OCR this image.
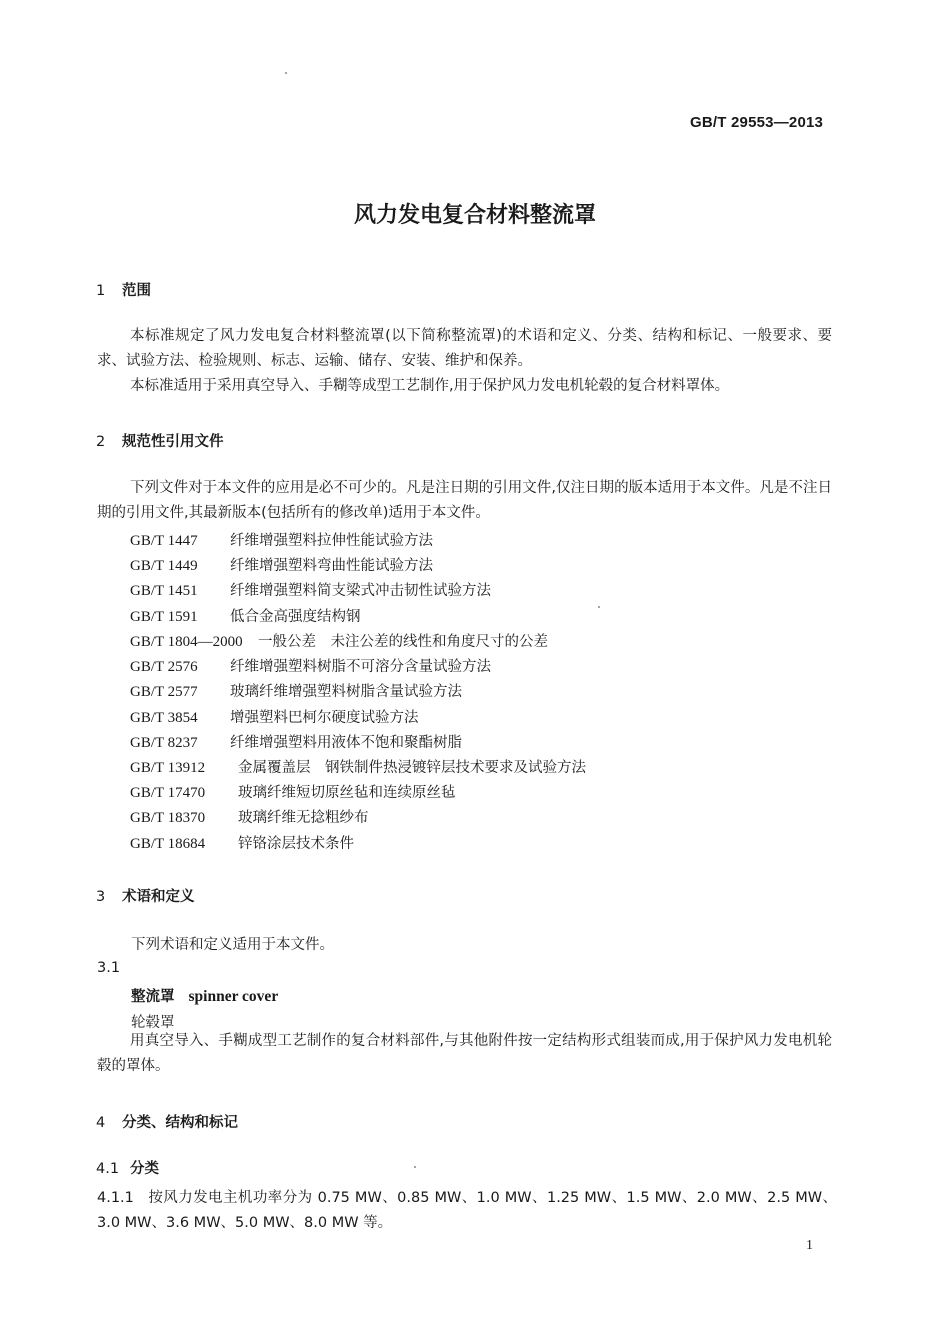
GB/T 29553—2013
风力发电复合材料整流罩
1 范围
本标准规定了风力发电复合材料整流罩(以下简称整流罩)的术语和定义、分类、结构和标记、一般要求、要求、试验方法、检验规则、标志、运输、储存、安装、维护和保养。
本标准适用于采用真空导入、手糊等成型工艺制作,用于保护风力发电机轮毂的复合材料罩体。
2 规范性引用文件
下列文件对于本文件的应用是必不可少的。凡是注日期的引用文件,仅注日期的版本适用于本文件。凡是不注日期的引用文件,其最新版本(包括所有的修改单)适用于本文件。
GB/T 1447 纤维增强塑料拉伸性能试验方法
GB/T 1449 纤维增强塑料弯曲性能试验方法
GB/T 1451 纤维增强塑料简支梁式冲击韧性试验方法
GB/T 1591 低合金高强度结构钢
GB/T 1804—2000 一般公差　未注公差的线性和角度尺寸的公差
GB/T 2576 纤维增强塑料树脂不可溶分含量试验方法
GB/T 2577 玻璃纤维增强塑料树脂含量试验方法
GB/T 3854 增强塑料巴柯尔硬度试验方法
GB/T 8237 纤维增强塑料用液体不饱和聚酯树脂
GB/T 13912 金属覆盖层　钢铁制件热浸镀锌层技术要求及试验方法
GB/T 17470 玻璃纤维短切原丝毡和连续原丝毡
GB/T 18370 玻璃纤维无捻粗纱布
GB/T 18684 锌铬涂层技术条件
3 术语和定义
下列术语和定义适用于本文件。
3.1
整流罩 spinner cover
轮毂罩
用真空导入、手糊成型工艺制作的复合材料部件,与其他附件按一定结构形式组装而成,用于保护风力发电机轮毂的罩体。
4 分类、结构和标记
4.1 分类
4.1.1 按风力发电主机功率分为 0.75 MW、0.85 MW、1.0 MW、1.25 MW、1.5 MW、2.0 MW、2.5 MW、3.0 MW、3.6 MW、5.0 MW、8.0 MW 等。
1
